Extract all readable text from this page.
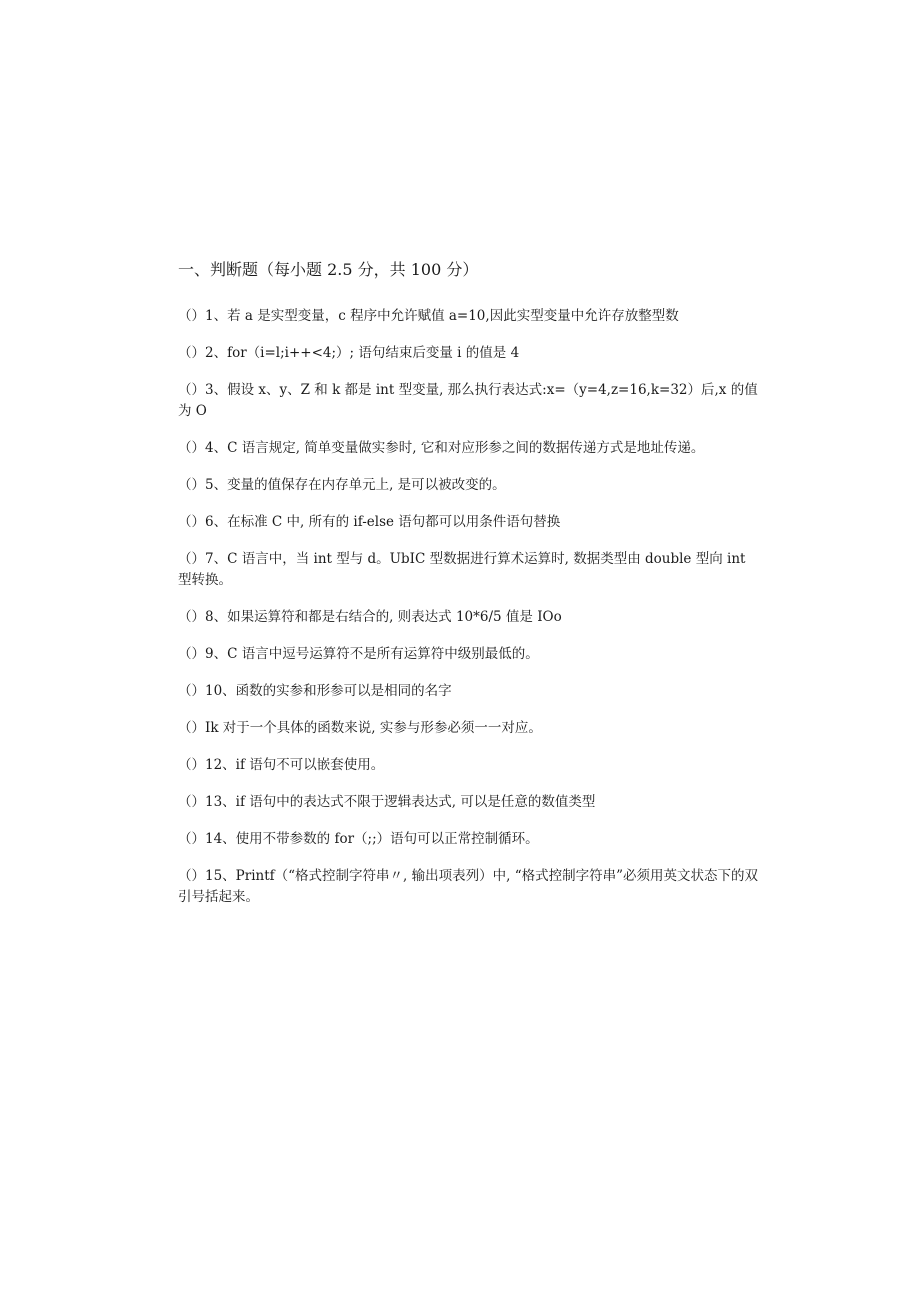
一、判断题（每小题 2.5 分，共 100 分）
（）1、若 a 是实型变量，c 程序中允许赋值 a=10,因此实型变量中允许存放整型数
（）2、for（i=l;i++<4;）; 语句结束后变量 i 的值是 4
（）3、假设 x、y、Z 和 k 都是 int 型变量, 那么执行表达式:x=（y=4,z=16,k=32）后,x 的值为 O
（）4、C 语言规定, 简单变量做实参时, 它和对应形参之间的数据传递方式是地址传递。
（）5、变量的值保存在内存单元上, 是可以被改变的。
（）6、在标准 C 中, 所有的 if-else 语句都可以用条件语句替换
（）7、C 语言中，当 int 型与 d。UbIC 型数据进行算术运算时, 数据类型由 double 型向 int 型转换。
（）8、如果运算符和都是右结合的, 则表达式 10*6/5 值是 IOo
（）9、C 语言中逗号运算符不是所有运算符中级别最低的。
（）10、函数的实参和形参可以是相同的名字
（）Ik 对于一个具体的函数来说, 实参与形参必须一一对应。
（）12、if 语句不可以嵌套使用。
（）13、if 语句中的表达式不限于逻辑表达式, 可以是任意的数值类型
（）14、使用不带参数的 for（;;）语句可以正常控制循环。
（）15、Printf（“格式控制字符串〃, 输出项表列）中, “格式控制字符串”必须用英文状态下的双引号括起来。
